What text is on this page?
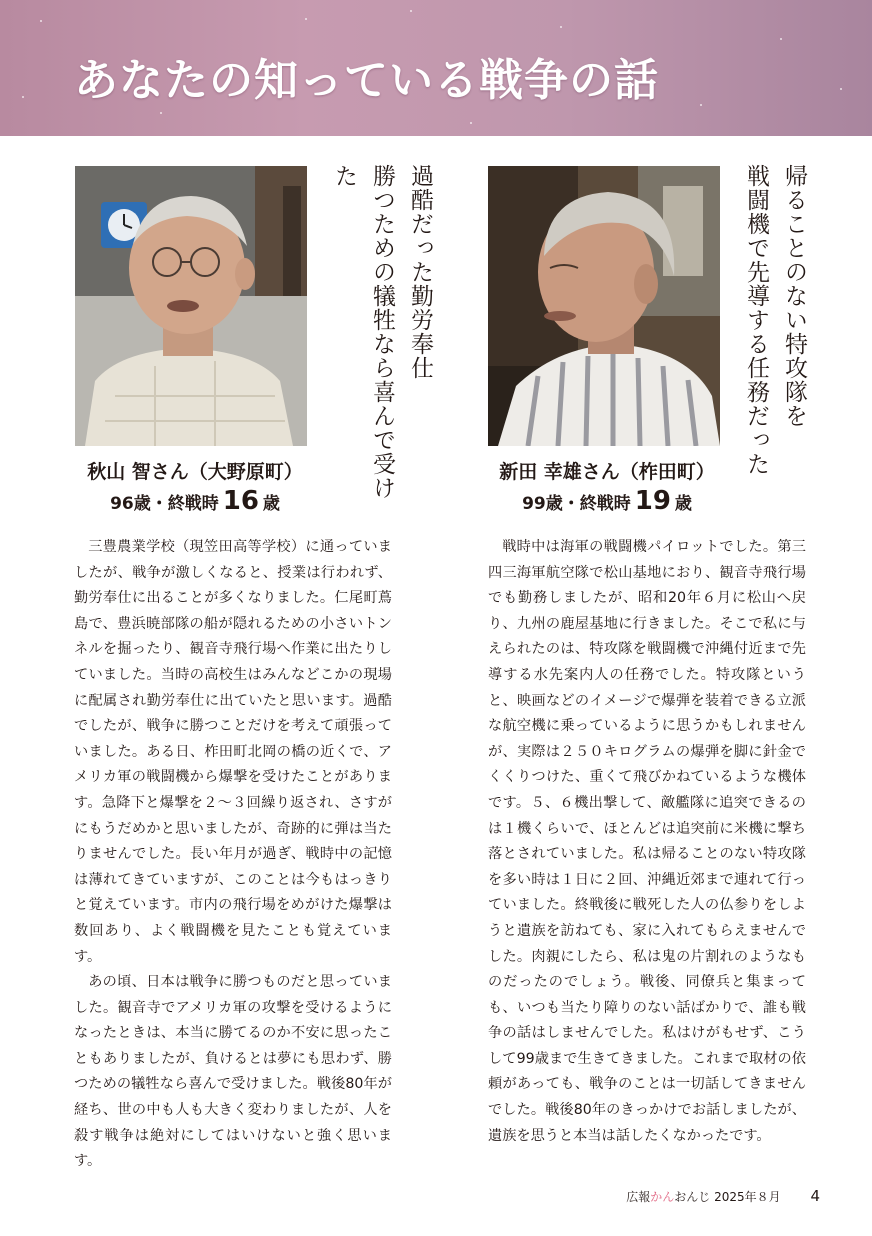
あなたの知っている戦争の話
過酷だった勤労奉仕
勝つための犠牲なら喜んで受けた
秋山 智さん（大野原町）
96歳・終戦時 16 歳

三豊農業学校（現笠田高等学校）に通っていましたが、戦争が激しくなると、授業は行われず、勤労奉仕に出ることが多くなりました。仁尾町蔦島で、豊浜暁部隊の船が隠れるための小さいトンネルを掘ったり、観音寺飛行場へ作業に出たりしていました。当時の高校生はみんなどこかの現場に配属され勤労奉仕に出ていたと思います。過酷でしたが、戦争に勝つことだけを考えて頑張っていました。ある日、柞田町北岡の橋の近くで、アメリカ軍の戦闘機から爆撃を受けたことがあります。急降下と爆撃を２～３回繰り返され、さすがにもうだめかと思いましたが、奇跡的に弾は当たりませんでした。長い年月が過ぎ、戦時中の記憶は薄れてきていますが、このことは今もはっきりと覚えています。市内の飛行場をめがけた爆撃は数回あり、よく戦闘機を見たことも覚えています。

あの頃、日本は戦争に勝つものだと思っていました。観音寺でアメリカ軍の攻撃を受けるようになったときは、本当に勝てるのか不安に思ったこともありましたが、負けるとは夢にも思わず、勝つための犠牲なら喜んで受けました。戦後80年が経ち、世の中も人も大きく変わりましたが、人を殺す戦争は絶対にしてはいけないと強く思います。

帰ることのない特攻隊を
戦闘機で先導する任務だった
新田 幸雄さん（柞田町）
99歳・終戦時 19 歳

戦時中は海軍の戦闘機パイロットでした。第三四三海軍航空隊で松山基地におり、観音寺飛行場でも勤務しましたが、昭和20年６月に松山へ戻り、九州の鹿屋基地に行きました。そこで私に与えられたのは、特攻隊を戦闘機で沖縄付近まで先導する水先案内人の任務でした。特攻隊というと、映画などのイメージで爆弾を装着できる立派な航空機に乗っているように思うかもしれませんが、実際は２５０キログラムの爆弾を脚に針金でくくりつけた、重くて飛びかねているような機体です。５、６機出撃して、敵艦隊に追突できるのは１機くらいで、ほとんどは追突前に米機に撃ち落とされていました。私は帰ることのない特攻隊を多い時は１日に２回、沖縄近郊まで連れて行っていました。終戦後に戦死した人の仏参りをしようと遺族を訪ねても、家に入れてもらえませんでした。肉親にしたら、私は鬼の片割れのようなものだったのでしょう。戦後、同僚兵と集まっても、いつも当たり障りのない話ばかりで、誰も戦争の話はしませんでした。私はけがもせず、こうして99歳まで生きてきました。これまで取材の依頼があっても、戦争のことは一切話してきませんでした。戦後80年のきっかけでお話しましたが、遺族を思うと本当は話したくなかったです。

広報かんおんじ 2025年８月 4
